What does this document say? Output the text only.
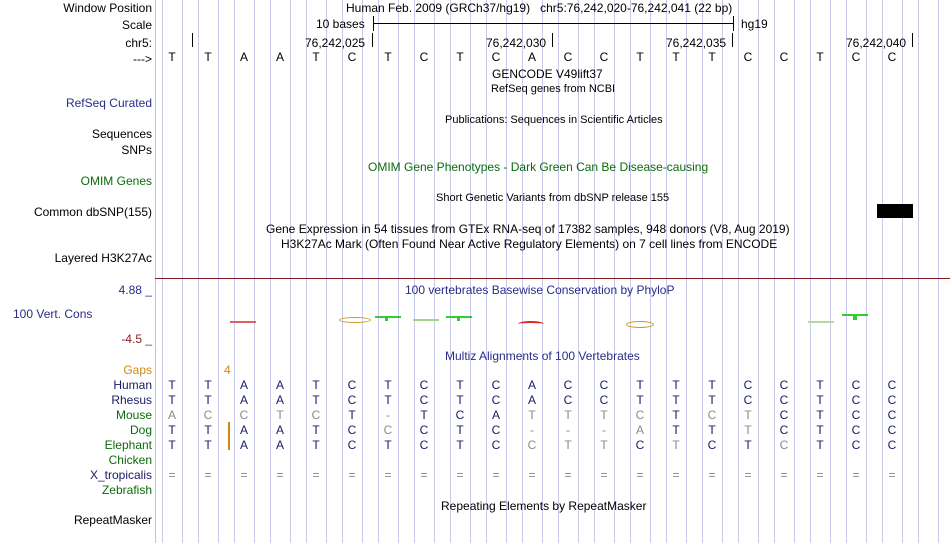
Window Position
Scale
chr5:
--->
Human Feb. 2009 (GRCh37/hg19)   chr5:76,242,020-76,242,041 (22 bp)
10 bases	hg19
76,242,025	76,242,030	76,242,035	76,242,040
T	T	A	A	T	C	T	C	T	C	A	C	C	T	T	T	C	C	T	C	C
GENCODE V49lift37
RefSeq genes from NCBI
RefSeq Curated
Publications: Sequences in Scientific Articles
Sequences
SNPs
OMIM Gene Phenotypes - Dark Green Can Be Disease-causing
OMIM Genes
Short Genetic Variants from dbSNP release 155
Common dbSNP(155)
Gene Expression in 54 tissues from GTEx RNA-seq of 17382 samples, 948 donors (V8, Aug 2019)
H3K27Ac Mark (Often Found Near Active Regulatory Elements) on 7 cell lines from ENCODE
Layered H3K27Ac
4.88 _	100 vertebrates Basewise Conservation by PhyloP
100 Vert. Cons
-4.5 _
Multiz Alignments of 100 Vertebrates
Gaps	4
Human	T	T	A	A	T	C	T	C	T	C	A	C	C	T	T	T	C	C	T	C	C
Rhesus	T	T	A	A	T	C	T	C	T	C	A	C	C	T	T	T	C	C	T	C	C
Mouse	A	C	C	T	C	T	-	T	C	A	T	T	T	C	T	C	T	C	T	C	C
Dog	T	T	A	A	T	C	C	C	T	C	-	-	-	A	T	T	T	C	T	C	C
Elephant	T	T	A	A	T	C	T	C	T	C	C	T	T	C	T	C	T	C	T	C	C
Chicken
X_tropicalis	=	=	=	=	=	=	=	=	=	=	=	=	=	=	=	=	=	=	=	=	=
Zebrafish
Repeating Elements by RepeatMasker
RepeatMasker
